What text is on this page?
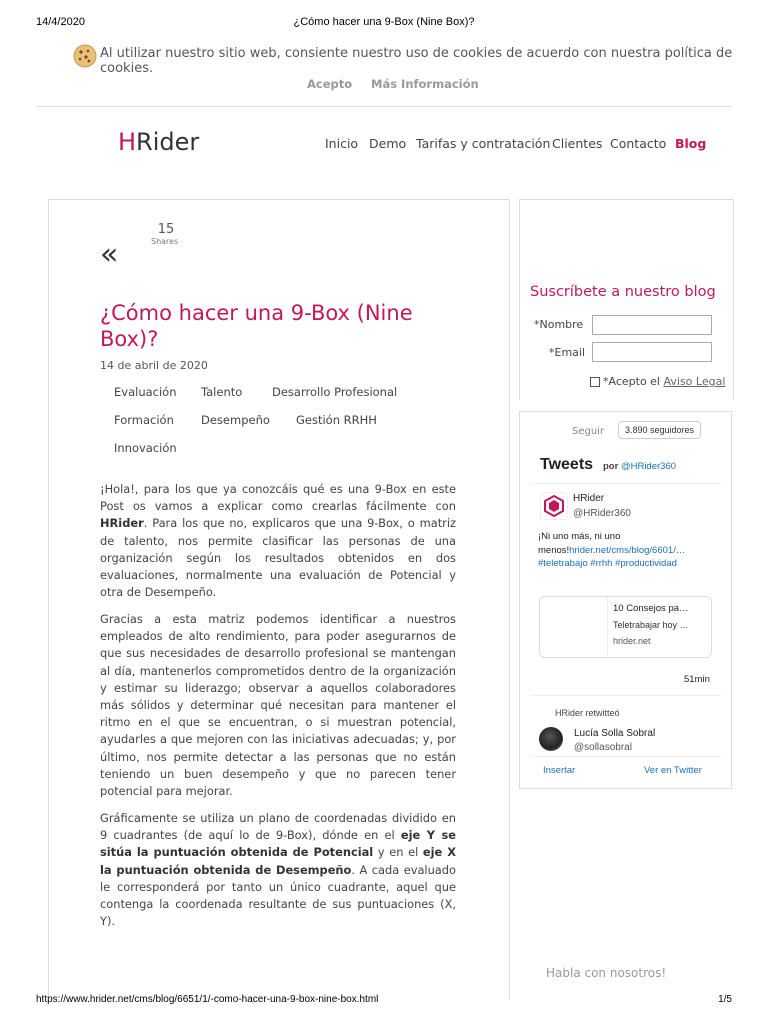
14/4/2020	¿Cómo hacer una 9-Box (Nine Box)?
Al utilizar nuestro sitio web, consiente nuestro uso de cookies de acuerdo con nuestra política de cookies.
Acepto Más Información
HRider	Inicio Demo Tarifas y contratación Clientes Contacto Blog
15
Shares
«
¿Cómo hacer una 9-Box (Nine Box)?
14 de abril de 2020
Evaluación Talento	Desarrollo Profesional
Formación Desempeño Gestión RRHH
Innovación
¡Hola!, para los que ya conozcáis qué es una 9-Box en este Post os vamos a explicar como crearlas fácilmente con HRider. Para los que no, explicaros que una 9-Box, o matriz de talento, nos permite clasificar las personas de una organización según los resultados obtenidos en dos evaluaciones, normalmente una evaluación de Potencial y otra de Desempeño.
Gracias a esta matriz podemos identificar a nuestros empleados de alto rendimiento, para poder asegurarnos de que sus necesidades de desarrollo profesional se mantengan al día, mantenerlos comprometidos dentro de la organización y estimar su liderazgo; observar a aquellos colaboradores más sólidos y determinar qué necesitan para mantener el ritmo en el que se encuentran, o si muestran potencial, ayudarles a que mejoren con las iniciativas adecuadas; y, por último, nos permite detectar a las personas que no están teniendo un buen desempeño y que no parecen tener potencial para mejorar.
Gráficamente se utiliza un plano de coordenadas dividido en 9 cuadrantes (de aquí lo de 9-Box), dónde en el eje Y se sitúa la puntuación obtenida de Potencial y en el eje X la puntuación obtenida de Desempeño. A cada evaluado le corresponderá por tanto un único cuadrante, aquel que contenga la coordenada resultante de sus puntuaciones (X, Y).
Suscríbete a nuestro blog
*Nombre
*Email
*Acepto el Aviso Legal
Seguir	3.890 seguidores
Tweets por @HRider360
HRider
@HRider360
¡Ni uno más, ni uno menos!hrider.net/cms/blog/6601/…
#teletrabajo #rrhh #productividad
10 Consejos pa…
Teletrabajar hoy …
hrider.net
51min
HRider retwitteó
Lucía Solla Sobral
@sollasobral
Insertar	Ver en Twitter
Habla con nosotros!
https://www.hrider.net/cms/blog/6651/1/-como-hacer-una-9-box-nine-box.html	1/5
